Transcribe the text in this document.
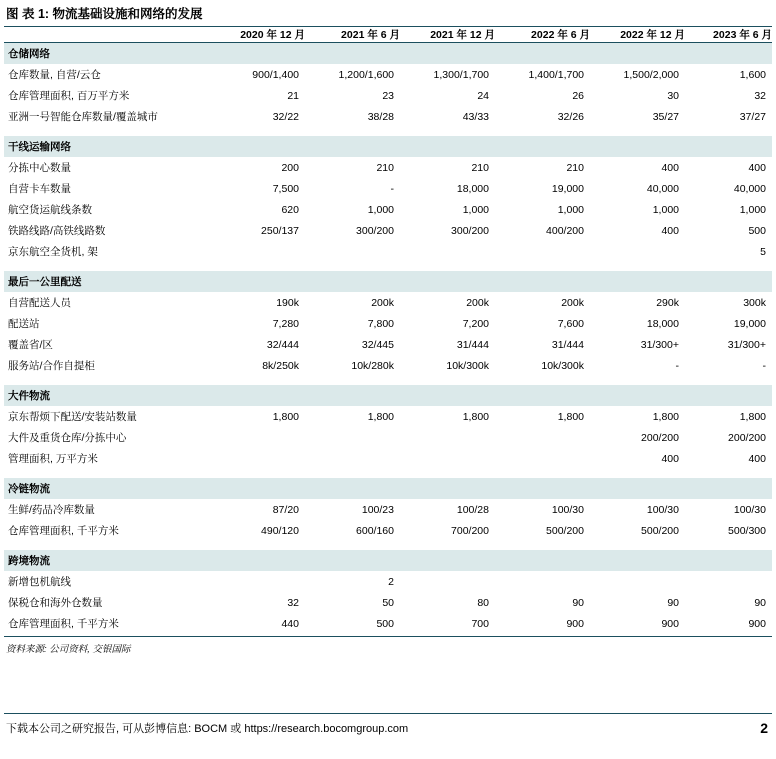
图 表 1: 物流基础设施和网络的发展
	2020 年 12 月	2021 年 6 月	2021 年 12 月	2022 年 6 月	2022 年 12 月	2023 年 6 月
仓储网络						
仓库数量, 自营/云仓	900/1,400	1,200/1,600	1,300/1,700	1,400/1,700	1,500/2,000	1,600
仓库管理面积, 百万平方米	21	23	24	26	30	32
亚洲一号智能仓库数量/覆盖城市	32/22	38/28	43/33	32/26	35/27	37/27

干线运输网络						
分拣中心数量	200	210	210	210	400	400
自营卡车数量	7,500	-	18,000	19,000	40,000	40,000
航空货运航线条数	620	1,000	1,000	1,000	1,000	1,000
铁路线路/高铁线路数	250/137	300/200	300/200	400/200	400	500
京东航空全货机, 架						5

最后一公里配送						
自营配送人员	190k	200k	200k	200k	290k	300k
配送站	7,280	7,800	7,200	7,600	18,000	19,000
覆盖省/区	32/444	32/445	31/444	31/444	31/300+	31/300+
服务站/合作自提柜	8k/250k	10k/280k	10k/300k	10k/300k	-	-

大件物流						
京东帮烦下配送/安装站数量	1,800	1,800	1,800	1,800	1,800	1,800
大件及重货仓库/分拣中心					200/200	200/200
管理面积, 万平方米					400	400

冷链物流						
生鲜/药品冷库数量	87/20	100/23	100/28	100/30	100/30	100/30
仓库管理面积, 千平方米	490/120	600/160	700/200	500/200	500/200	500/300

跨境物流						
新增包机航线		2				
保税仓和海外仓数量	32	50	80	90	90	90
仓库管理面积, 千平方米	440	500	700	900	900	900
资料来源: 公司资料, 交银国际
下载本公司之研究报告, 可从彭博信息: BOCM 或 https://research.bocomgroup.com	2
